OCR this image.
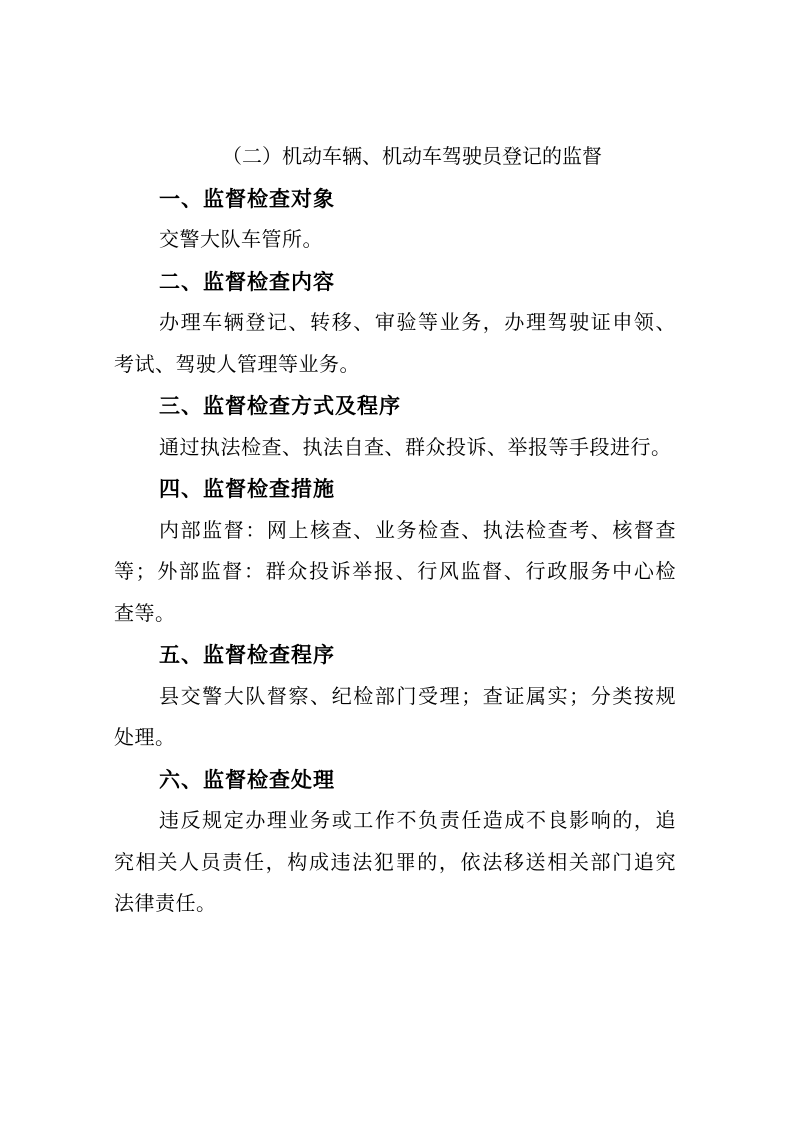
（二）机动车辆、机动车驾驶员登记的监督
一、监督检查对象
交警大队车管所。
二、监督检查内容
办理车辆登记、转移、审验等业务，办理驾驶证申领、
考试、驾驶人管理等业务。
三、监督检查方式及程序
通过执法检查、执法自查、群众投诉、举报等手段进行。
四、监督检查措施
内部监督：网上核查、业务检查、执法检查考、核督查
等；外部监督：群众投诉举报、行风监督、行政服务中心检
查等。
五、监督检查程序
县交警大队督察、纪检部门受理；查证属实；分类按规
处理。
六、监督检查处理
违反规定办理业务或工作不负责任造成不良影响的，追
究相关人员责任，构成违法犯罪的，依法移送相关部门追究
法律责任。
